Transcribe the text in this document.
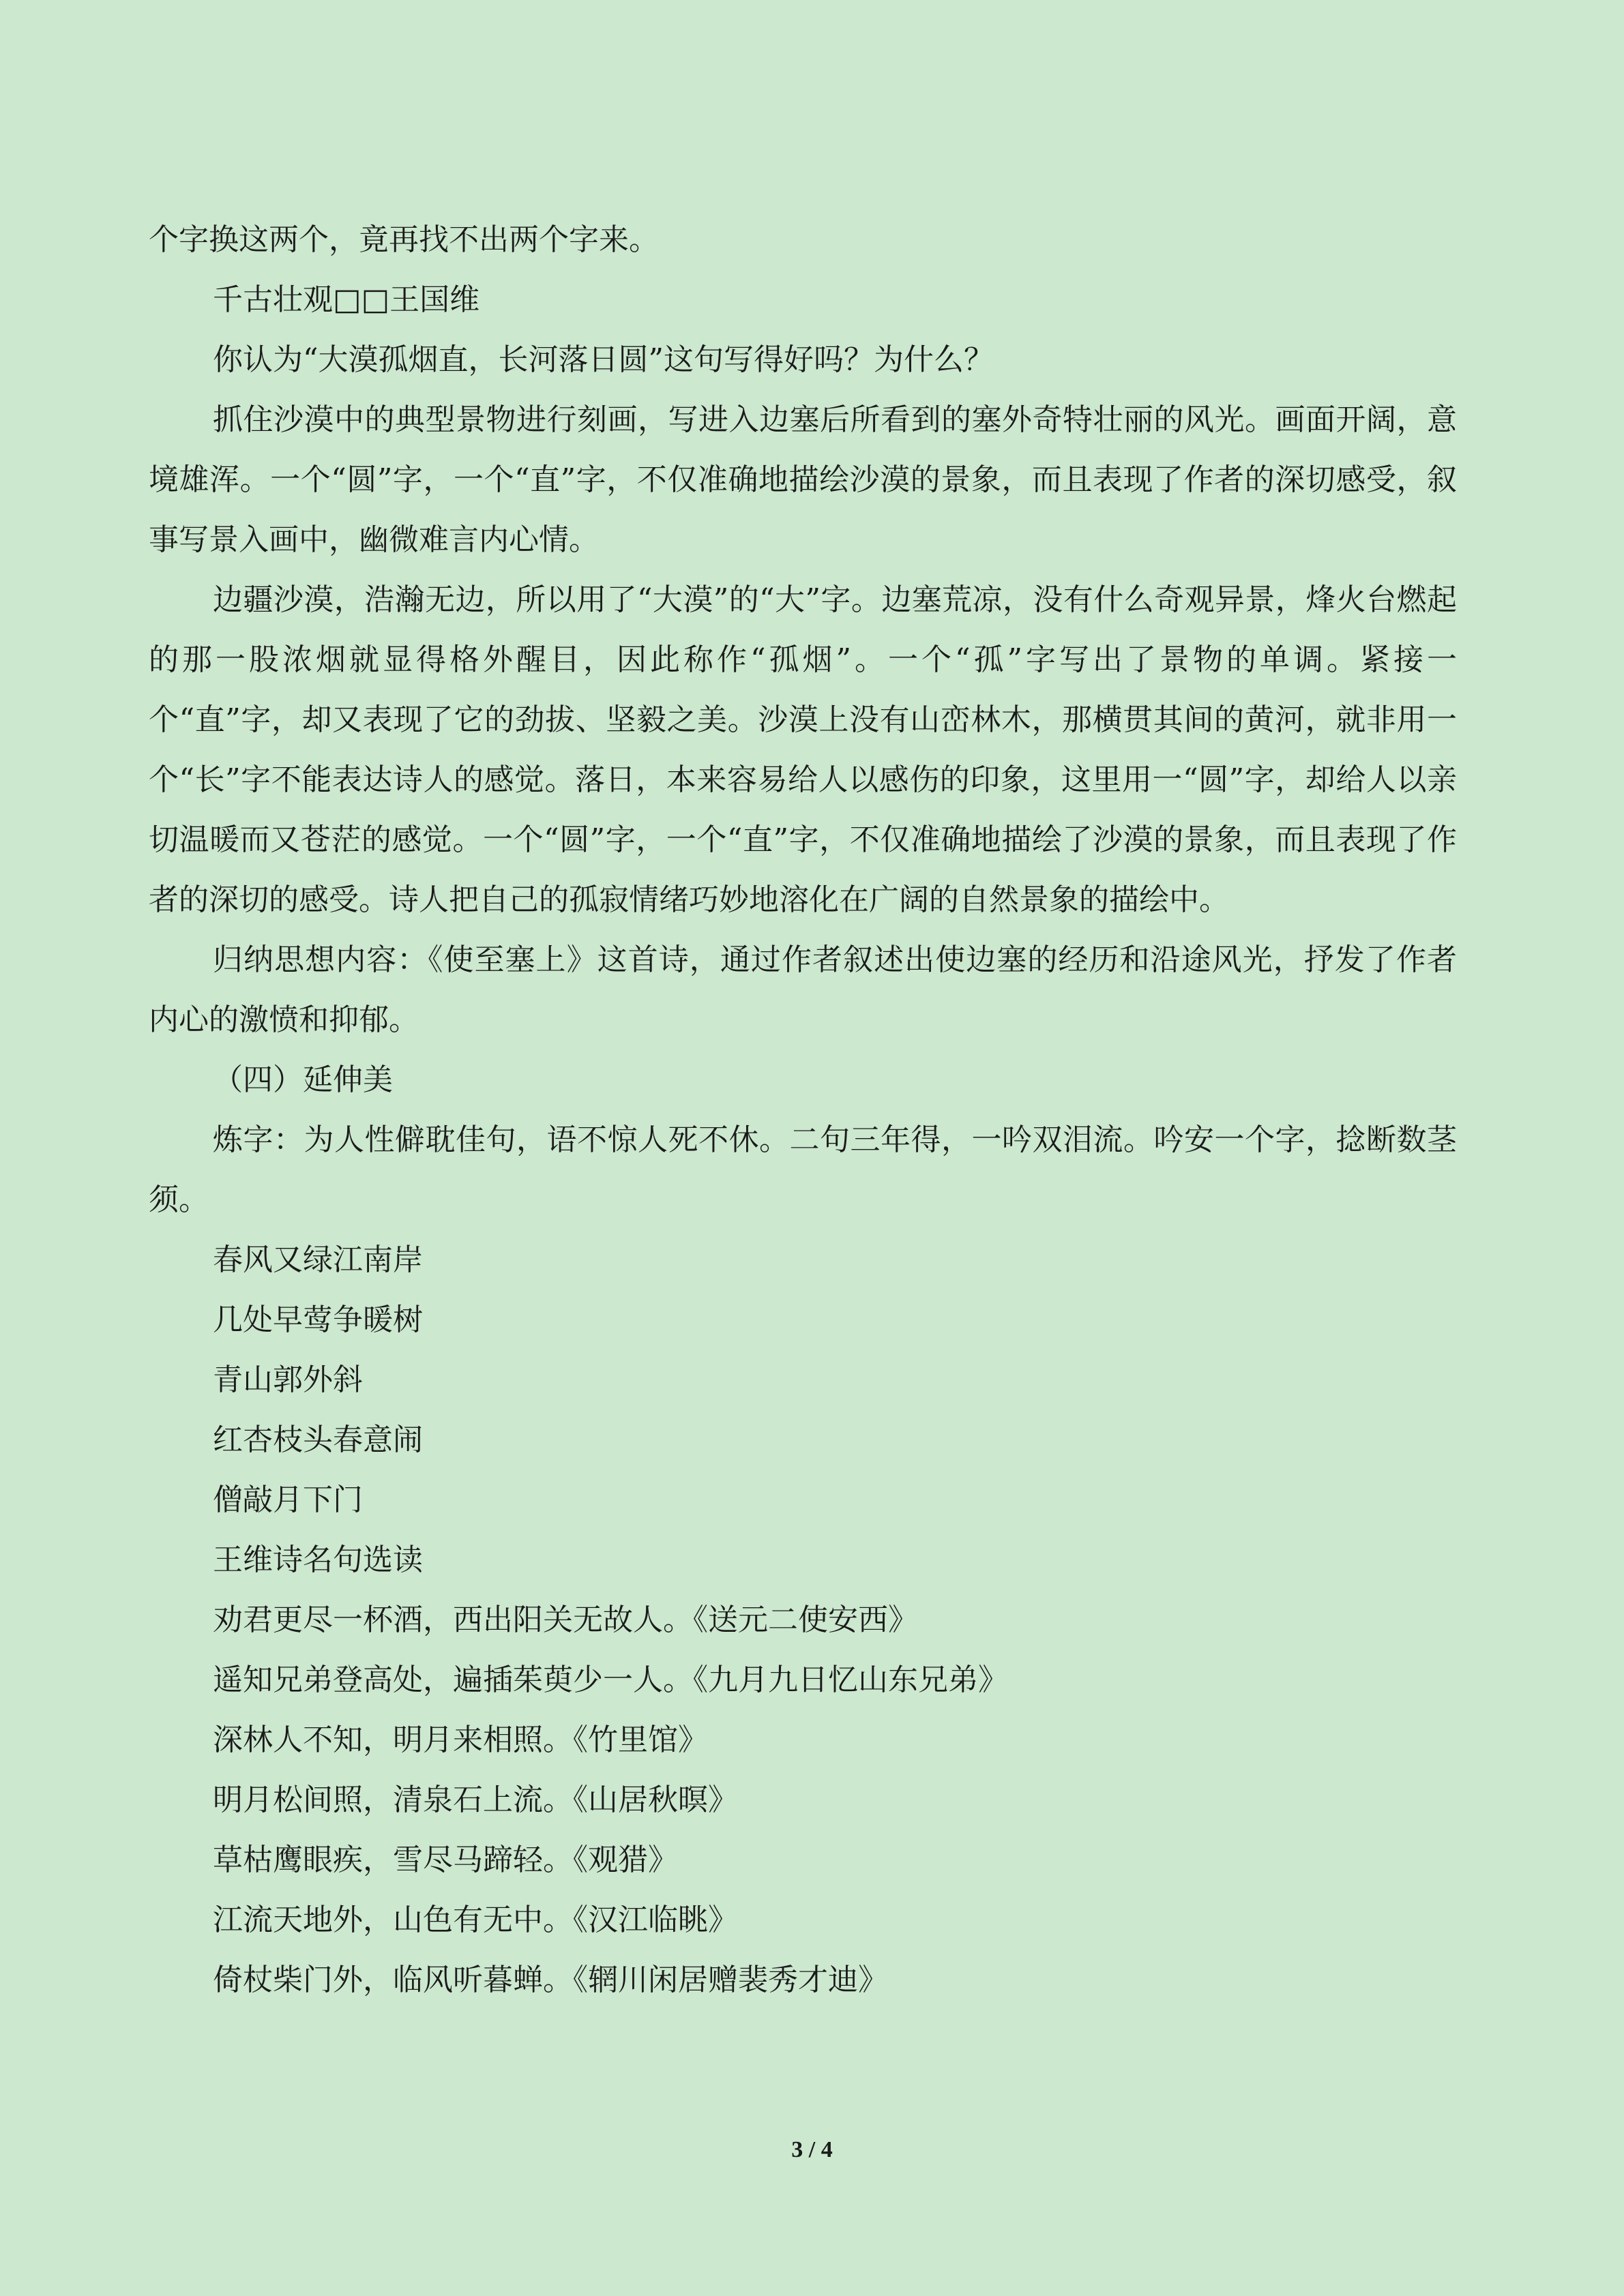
个字换这两个，竟再找不出两个字来。

千古壮观□□王国维

你认为“大漠孤烟直，长河落日圆”这句写得好吗？为什么？

抓住沙漠中的典型景物进行刻画，写进入边塞后所看到的塞外奇特壮丽的风光。画面开阔，意境雄浑。一个“圆”字，一个“直”字，不仅准确地描绘沙漠的景象，而且表现了作者的深切感受，叙事写景入画中，幽微难言内心情。

边疆沙漠，浩瀚无边，所以用了“大漠”的“大”字。边塞荒凉，没有什么奇观异景，烽火台燃起的那一股浓烟就显得格外醒目，因此称作“孤烟”。一个“孤”字写出了景物的单调。紧接一个“直”字，却又表现了它的劲拔、坚毅之美。沙漠上没有山峦林木，那横贯其间的黄河，就非用一个“长”字不能表达诗人的感觉。落日，本来容易给人以感伤的印象，这里用一“圆”字，却给人以亲切温暖而又苍茫的感觉。一个“圆”字，一个“直”字，不仅准确地描绘了沙漠的景象，而且表现了作者的深切的感受。诗人把自己的孤寂情绪巧妙地溶化在广阔的自然景象的描绘中。

归纳思想内容：《使至塞上》这首诗，通过作者叙述出使边塞的经历和沿途风光，抒发了作者内心的激愤和抑郁。

（四）延伸美

炼字：为人性僻耽佳句，语不惊人死不休。二句三年得，一吟双泪流。吟安一个字，捻断数茎须。

春风又绿江南岸

几处早莺争暖树

青山郭外斜

红杏枝头春意闹

僧敲月下门

王维诗名句选读

劝君更尽一杯酒，西出阳关无故人。《送元二使安西》

遥知兄弟登高处，遍插茱萸少一人。《九月九日忆山东兄弟》

深林人不知，明月来相照。《竹里馆》

明月松间照，清泉石上流。《山居秋暝》

草枯鹰眼疾，雪尽马蹄轻。《观猎》

江流天地外，山色有无中。《汉江临眺》

倚杖柴门外，临风听暮蝉。《辋川闲居赠裴秀才迪》

3 / 4
